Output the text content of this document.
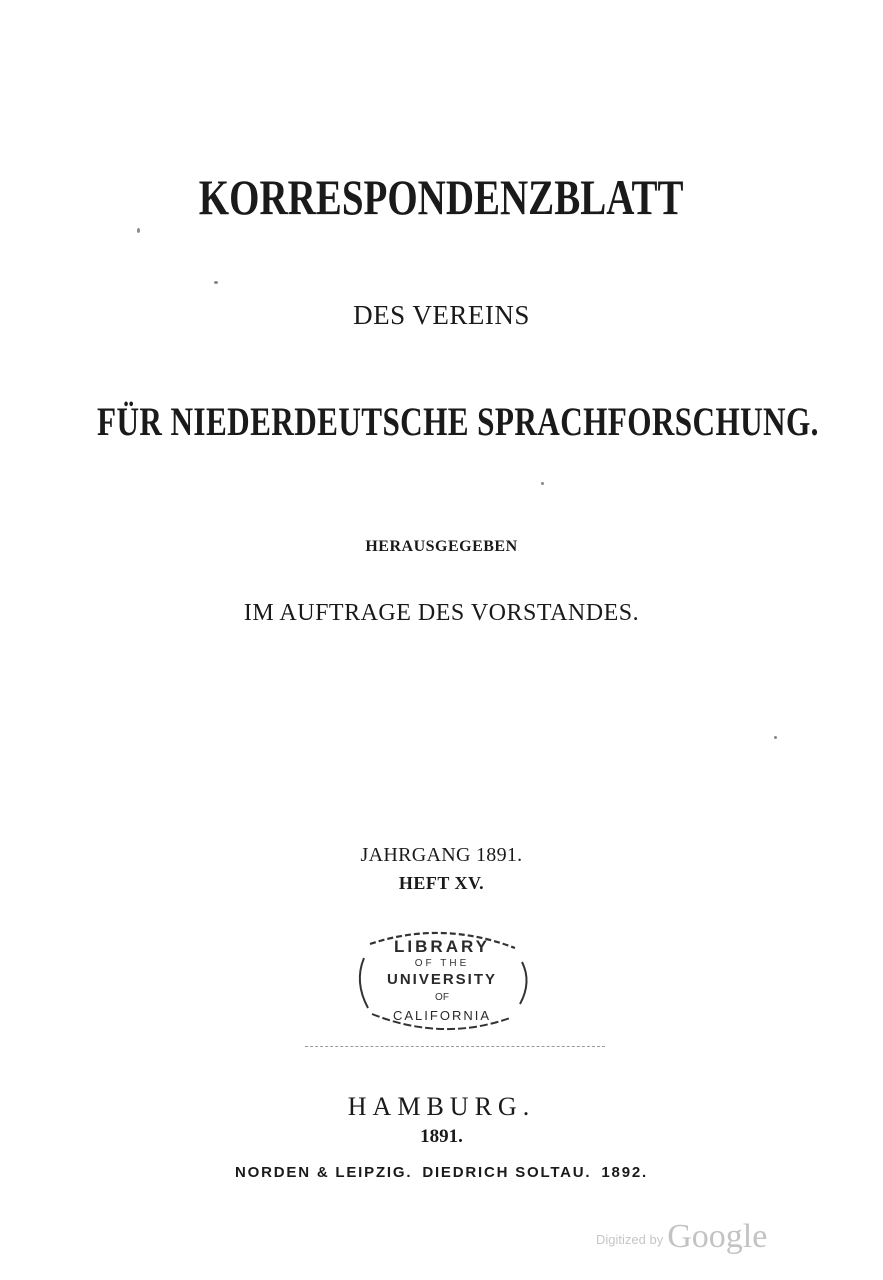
KORRESPONDENZBLATT
DES VEREINS
FÜR NIEDERDEUTSCHE SPRACHFORSCHUNG.
HERAUSGEGEBEN
IM AUFTRAGE DES VORSTANDES.
JAHRGANG 1891.
HEFT XV.
LIBRARY
OF THE
UNIVERSITY
OF
CALIFORNIA
HAMBURG.
1891.
NORDEN & LEIPZIG. DIEDRICH SOLTAU. 1892.
Digitized by Google
